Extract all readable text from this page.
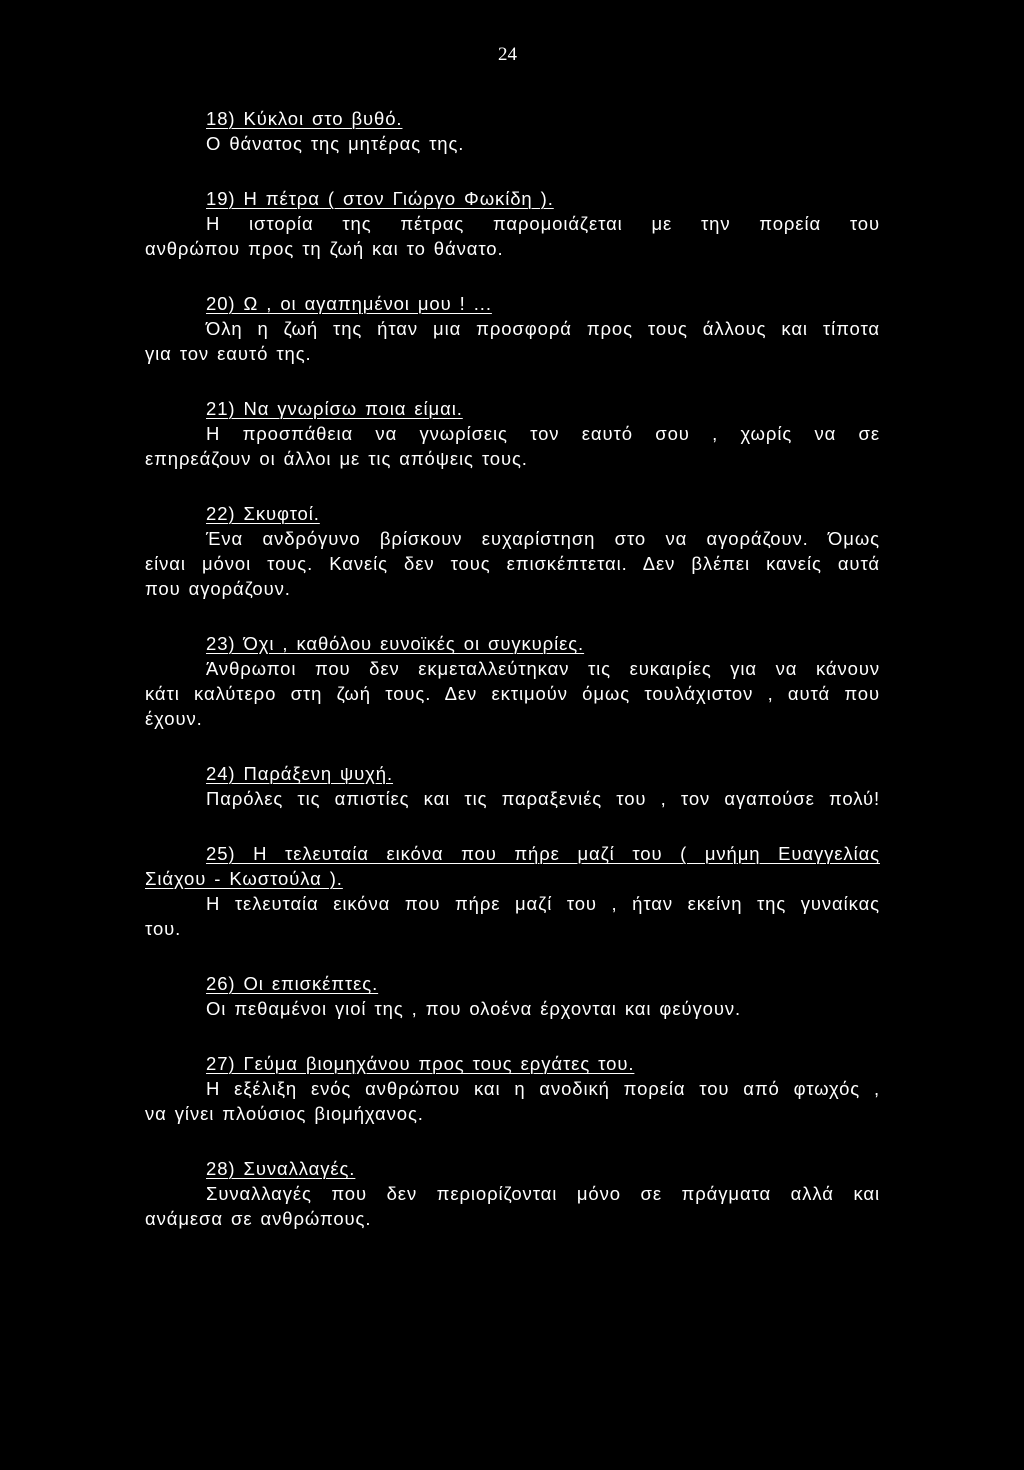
24
18) Κύκλοι στο βυθό.
Ο θάνατος της μητέρας της.
19) Η πέτρα ( στον Γιώργο Φωκίδη ).
Η ιστορία της πέτρας παρομοιάζεται με την πορεία του
ανθρώπου προς τη ζωή και το θάνατο.
20) Ω , οι αγαπημένοι μου ! ...
Όλη η ζωή της ήταν μια προσφορά προς τους άλλους και τίποτα
για τον εαυτό της.
21) Να γνωρίσω ποια είμαι.
Η προσπάθεια να γνωρίσεις τον εαυτό σου , χωρίς να σε
επηρεάζουν οι άλλοι με τις απόψεις τους.
22) Σκυφτοί.
Ένα ανδρόγυνο βρίσκουν ευχαρίστηση στο να αγοράζουν. Όμως
είναι μόνοι τους. Κανείς δεν τους επισκέπτεται. Δεν βλέπει κανείς αυτά
που αγοράζουν.
23) Όχι , καθόλου ευνοϊκές οι συγκυρίες.
Άνθρωποι που δεν εκμεταλλεύτηκαν τις ευκαιρίες για να κάνουν
κάτι καλύτερο στη ζωή τους. Δεν εκτιμούν όμως τουλάχιστον , αυτά που
έχουν.
24) Παράξενη ψυχή.
Παρόλες τις απιστίες και τις παραξενιές του , τον αγαπούσε πολύ!
25) Η τελευταία εικόνα που πήρε μαζί του ( μνήμη Ευαγγελίας
Σιάχου - Κωστούλα ).
Η τελευταία εικόνα που πήρε μαζί του , ήταν εκείνη της γυναίκας
του.
26) Οι επισκέπτες.
Οι πεθαμένοι γιοί της , που ολοένα έρχονται και φεύγουν.
27) Γεύμα βιομηχάνου προς τους εργάτες του.
Η εξέλιξη ενός ανθρώπου και η ανοδική πορεία του από φτωχός ,
να γίνει πλούσιος βιομήχανος.
28) Συναλλαγές.
Συναλλαγές που δεν περιορίζονται μόνο σε πράγματα αλλά και
ανάμεσα σε ανθρώπους.
